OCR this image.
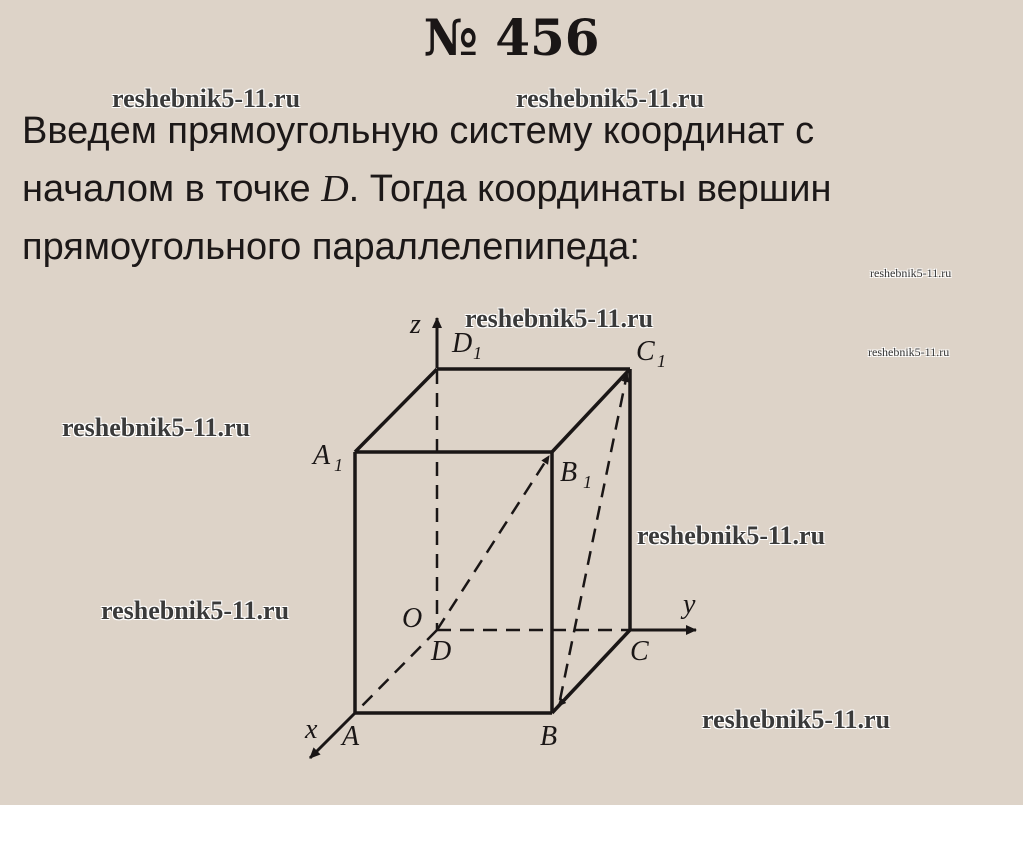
№ 456

Введем прямоугольную систему координат с
началом в точке D. Тогда координаты вершин
прямоугольного параллелепипеда:

z
y
x
O
D	C
A	B
A 1	B 1
C 1
D 1
reshebnik5-11.ru	reshebnik5-11.ru
reshebnik5-11.ru
reshebnik5-11.ru
reshebnik5-11.ru
reshebnik5-11.ru
reshebnik5-11.ru
reshebnik5-11.ru
reshebnik5-11.ru
